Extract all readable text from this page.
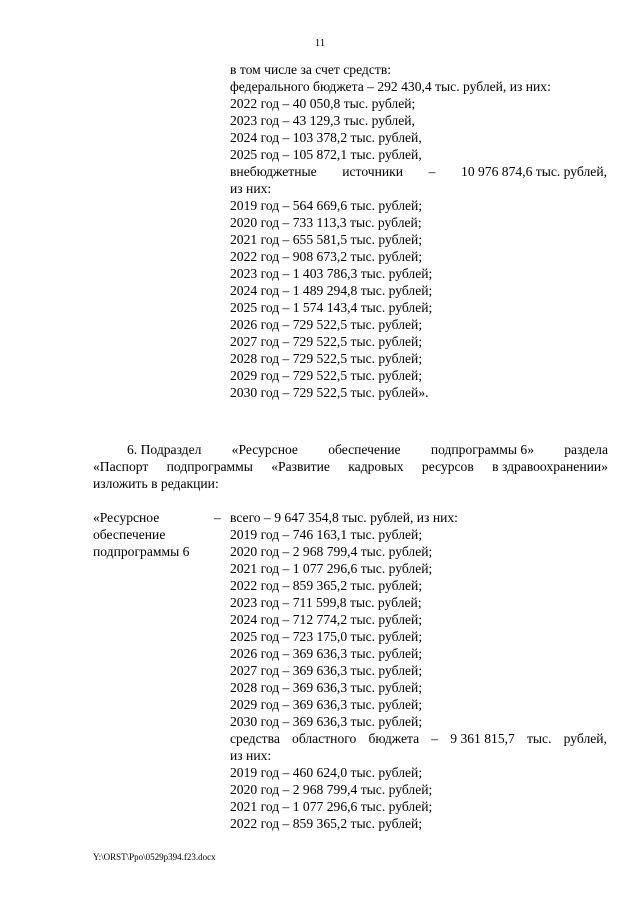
11
в том числе за счет средств:
федерального бюджета – 292 430,4 тыс. рублей, из них:
2022 год – 40 050,8 тыс. рублей;
2023 год – 43 129,3 тыс. рублей,
2024 год – 103 378,2 тыс. рублей,
2025 год – 105 872,1 тыс. рублей,
внебюджетные источники – 10 976 874,6 тыс. рублей,
из них:
2019 год – 564 669,6 тыс. рублей;
2020 год – 733 113,3 тыс. рублей;
2021 год – 655 581,5 тыс. рублей;
2022 год – 908 673,2 тыс. рублей;
2023 год – 1 403 786,3 тыс. рублей;
2024 год – 1 489 294,8 тыс. рублей;
2025 год – 1 574 143,4 тыс. рублей;
2026 год – 729 522,5 тыс. рублей;
2027 год – 729 522,5 тыс. рублей;
2028 год – 729 522,5 тыс. рублей;
2029 год – 729 522,5 тыс. рублей;
2030 год – 729 522,5 тыс. рублей».
6. Подраздел «Ресурсное обеспечение подпрограммы 6» раздела
«Паспорт подпрограммы «Развитие кадровых ресурсов в здравоохранении»
изложить в редакции:
«Ресурсное
обеспечение
подпрограммы 6
– всего – 9 647 354,8 тыс. рублей, из них:
2019 год – 746 163,1 тыс. рублей;
2020 год – 2 968 799,4 тыс. рублей;
2021 год – 1 077 296,6 тыс. рублей;
2022 год – 859 365,2 тыс. рублей;
2023 год – 711 599,8 тыс. рублей;
2024 год – 712 774,2 тыс. рублей;
2025 год – 723 175,0 тыс. рублей;
2026 год – 369 636,3 тыс. рублей;
2027 год – 369 636,3 тыс. рублей;
2028 год – 369 636,3 тыс. рублей;
2029 год – 369 636,3 тыс. рублей;
2030 год – 369 636,3 тыс. рублей;
средства областного бюджета – 9 361 815,7 тыс. рублей,
из них:
2019 год – 460 624,0 тыс. рублей;
2020 год – 2 968 799,4 тыс. рублей;
2021 год – 1 077 296,6 тыс. рублей;
2022 год – 859 365,2 тыс. рублей;
Y:\ORST\Ppo\0529p394.f23.docx
